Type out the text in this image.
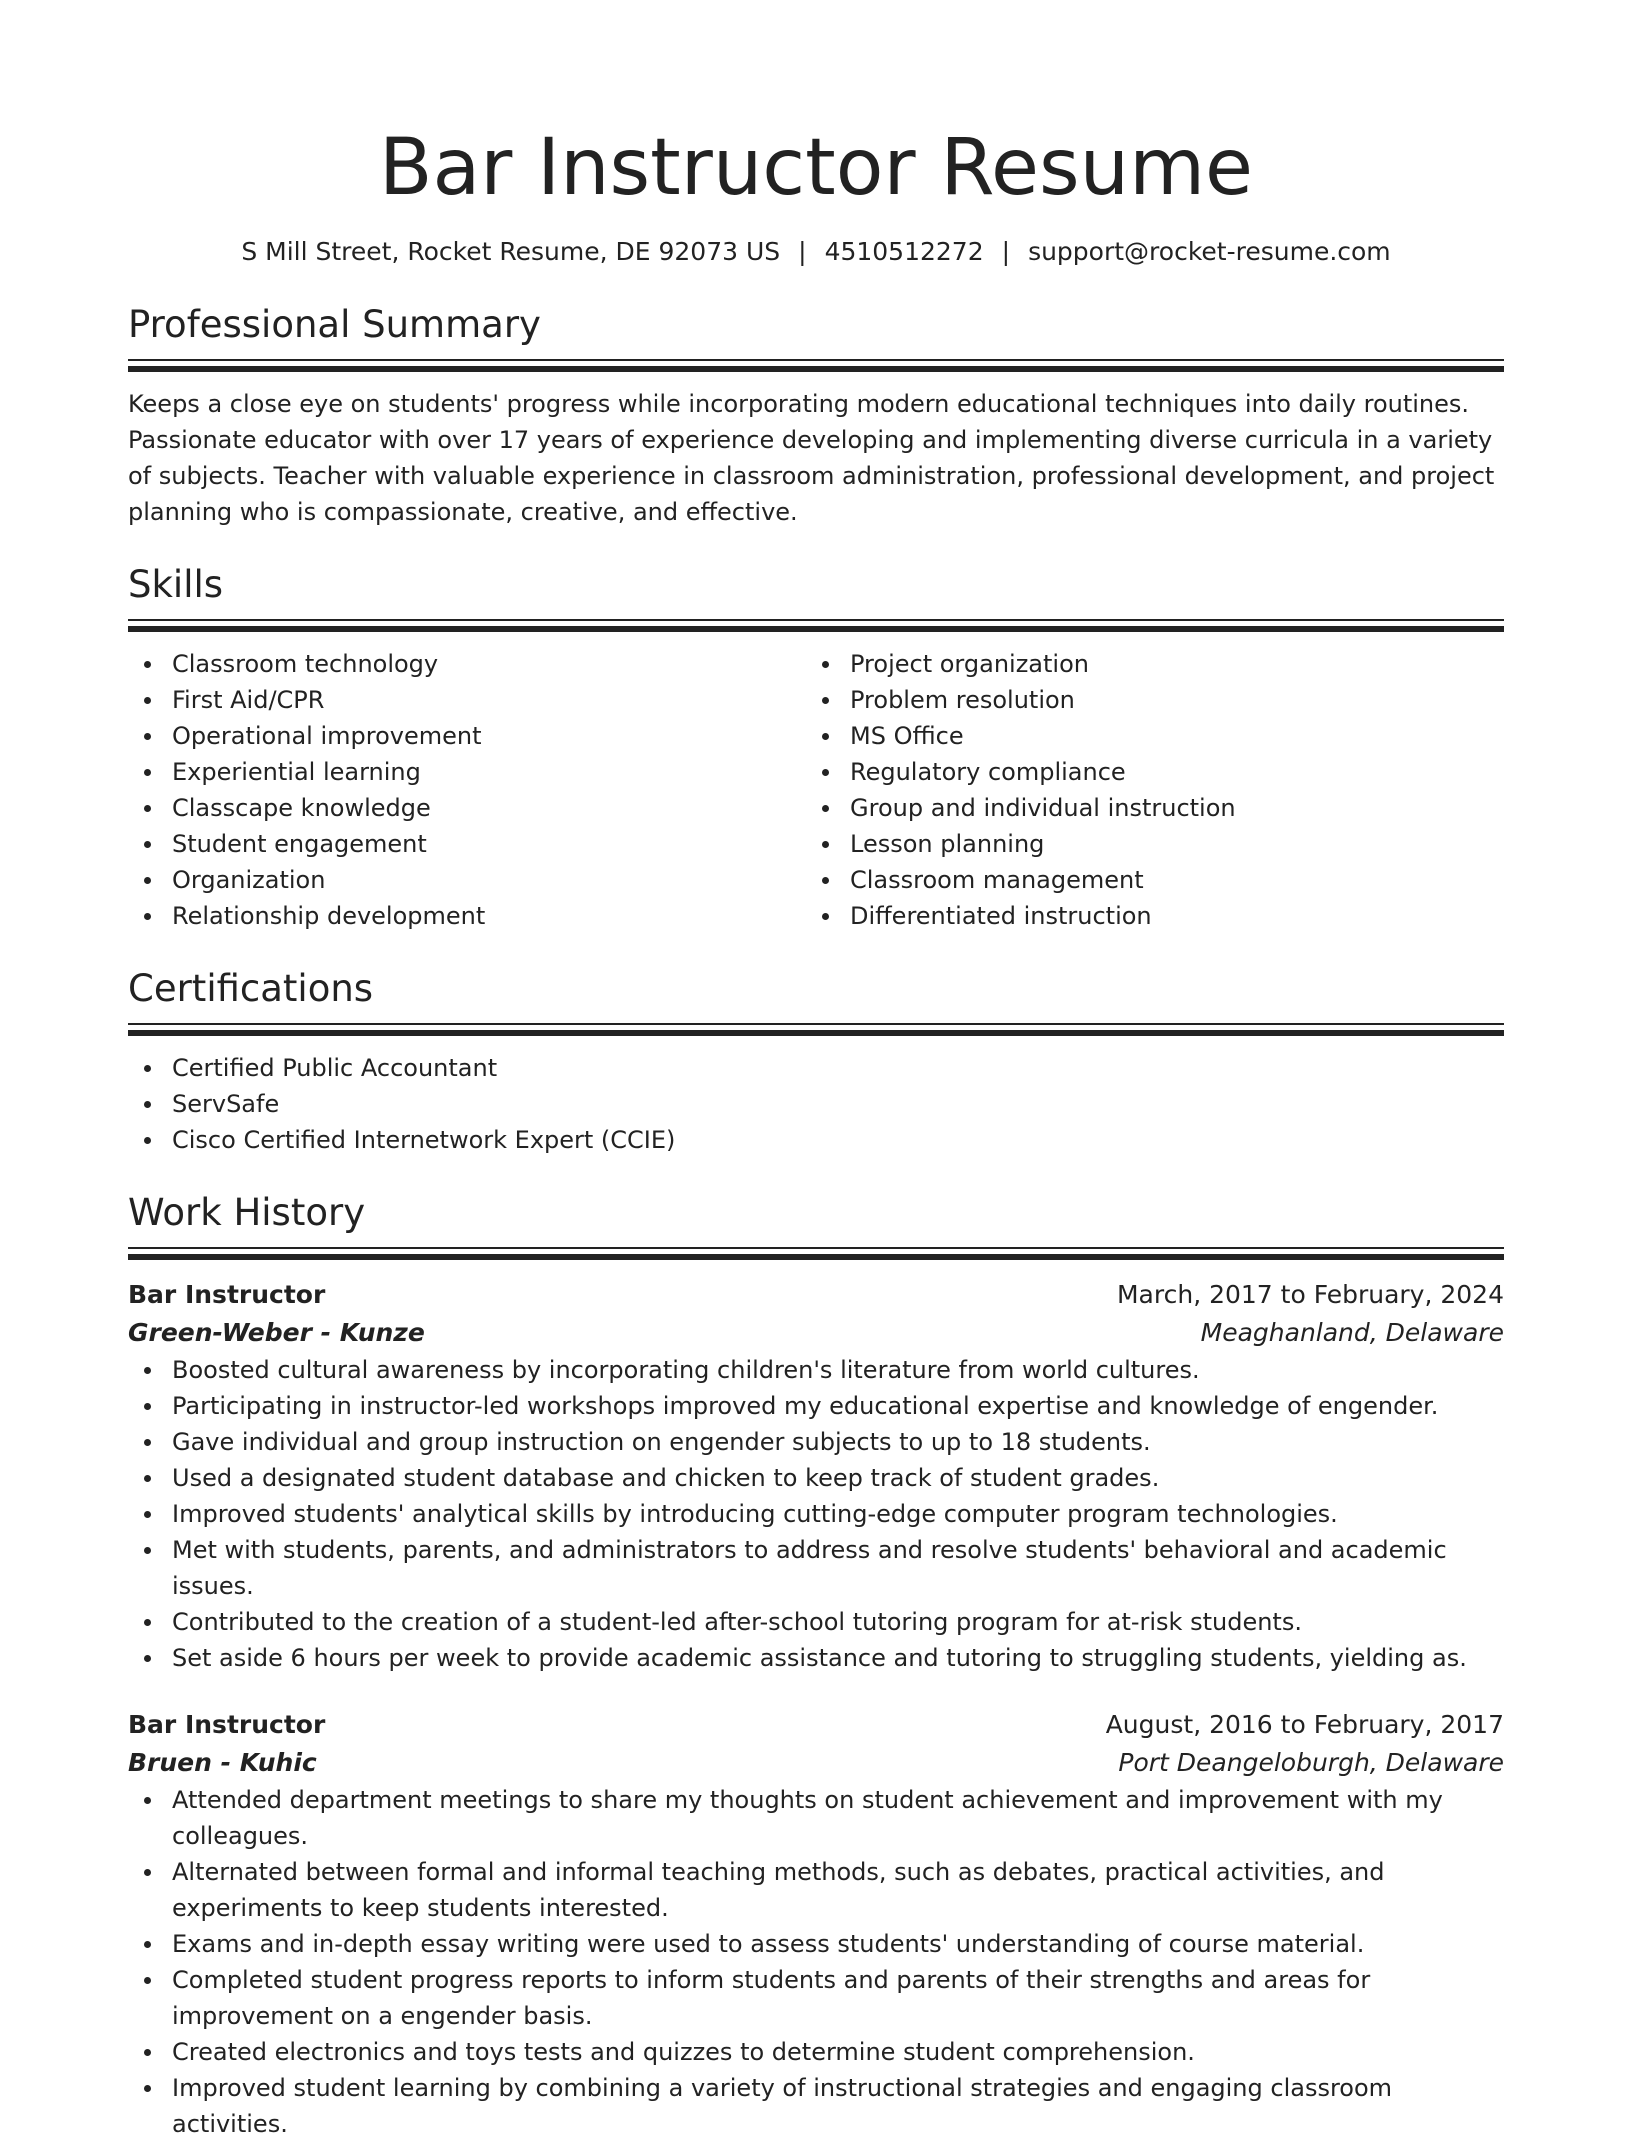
Bar Instructor Resume
S Mill Street, Rocket Resume, DE 92073 US | 4510512272 | support@rocket-resume.com
Professional Summary

Keeps a close eye on students' progress while incorporating modern educational techniques into daily routines. Passionate educator with over 17 years of experience developing and implementing diverse curricula in a variety of subjects. Teacher with valuable experience in classroom administration, professional development, and project planning who is compassionate, creative, and effective.

Skills
Classroom technology
First Aid/CPR
Operational improvement
Experiential learning
Classcape knowledge
Student engagement
Organization
Relationship development
Project organization
Problem resolution
MS Office
Regulatory compliance
Group and individual instruction
Lesson planning
Classroom management
Differentiated instruction
Certifications
Certified Public Accountant
ServSafe
Cisco Certified Internetwork Expert (CCIE)
Work History
Bar Instructor	March, 2017 to February, 2024
Green-Weber - Kunze	Meaghanland, Delaware
Boosted cultural awareness by incorporating children's literature from world cultures.
Participating in instructor-led workshops improved my educational expertise and knowledge of engender.
Gave individual and group instruction on engender subjects to up to 18 students.
Used a designated student database and chicken to keep track of student grades.
Improved students' analytical skills by introducing cutting-edge computer program technologies.
Met with students, parents, and administrators to address and resolve students' behavioral and academic issues.
Contributed to the creation of a student-led after-school tutoring program for at-risk students.
Set aside 6 hours per week to provide academic assistance and tutoring to struggling students, yielding as.
Bar Instructor	August, 2016 to February, 2017
Bruen - Kuhic	Port Deangeloburgh, Delaware
Attended department meetings to share my thoughts on student achievement and improvement with my colleagues.
Alternated between formal and informal teaching methods, such as debates, practical activities, and experiments to keep students interested.
Exams and in-depth essay writing were used to assess students' understanding of course material.
Completed student progress reports to inform students and parents of their strengths and areas for improvement on a engender basis.
Created electronics and toys tests and quizzes to determine student comprehension.
Improved student learning by combining a variety of instructional strategies and engaging classroom activities.
